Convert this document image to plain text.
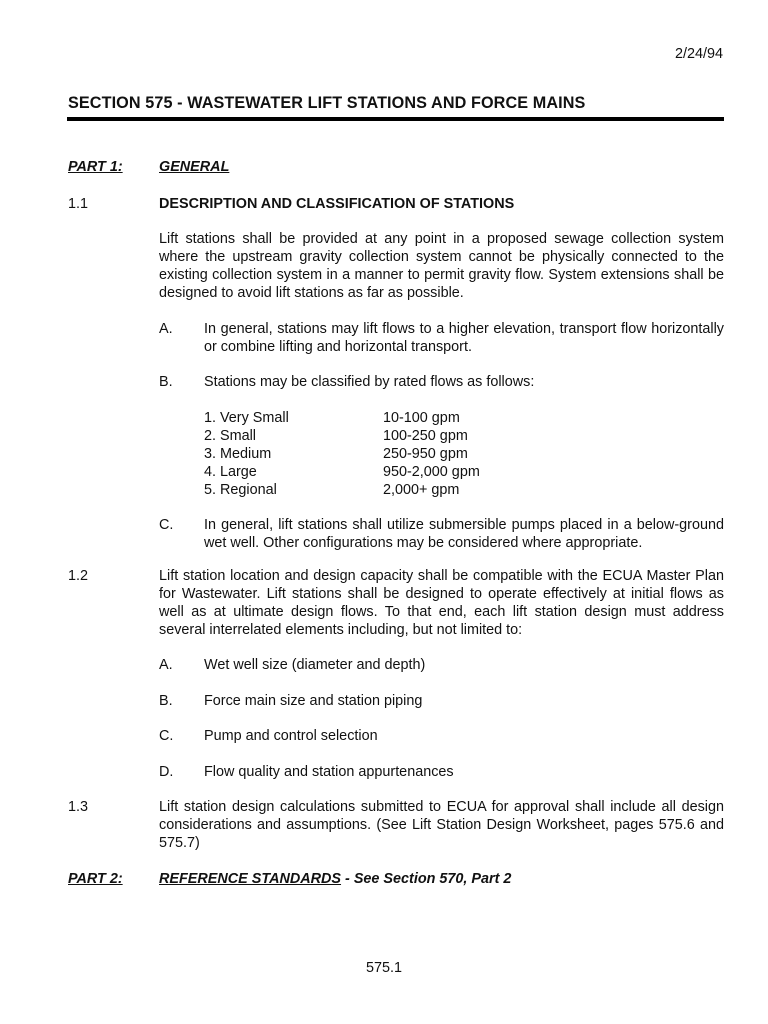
2/24/94
SECTION 575 - WASTEWATER LIFT STATIONS AND FORCE MAINS
PART 1:	GENERAL
1.1	DESCRIPTION AND CLASSIFICATION OF STATIONS
Lift stations shall be provided at any point in a proposed sewage collection system where the upstream gravity collection system cannot be physically connected to the existing collection system in a manner to permit gravity flow. System extensions shall be designed to avoid lift stations as far as possible.
A. In general, stations may lift flows to a higher elevation, transport flow horizontally or combine lifting and horizontal transport.
B. Stations may be classified by rated flows as follows:
1. Very Small	10-100 gpm
2. Small	100-250 gpm
3. Medium	250-950 gpm
4. Large	950-2,000 gpm
5. Regional	2,000+ gpm
C. In general, lift stations shall utilize submersible pumps placed in a below-ground wet well. Other configurations may be considered where appropriate.
1.2	Lift station location and design capacity shall be compatible with the ECUA Master Plan for Wastewater. Lift stations shall be designed to operate effectively at initial flows as well as at ultimate design flows. To that end, each lift station design must address several interrelated elements including, but not limited to:
A. Wet well size (diameter and depth)
B. Force main size and station piping
C. Pump and control selection
D. Flow quality and station appurtenances
1.3	Lift station design calculations submitted to ECUA for approval shall include all design considerations and assumptions. (See Lift Station Design Worksheet, pages 575.6 and 575.7)
PART 2:	REFERENCE STANDARDS - See Section 570, Part 2
575.1
